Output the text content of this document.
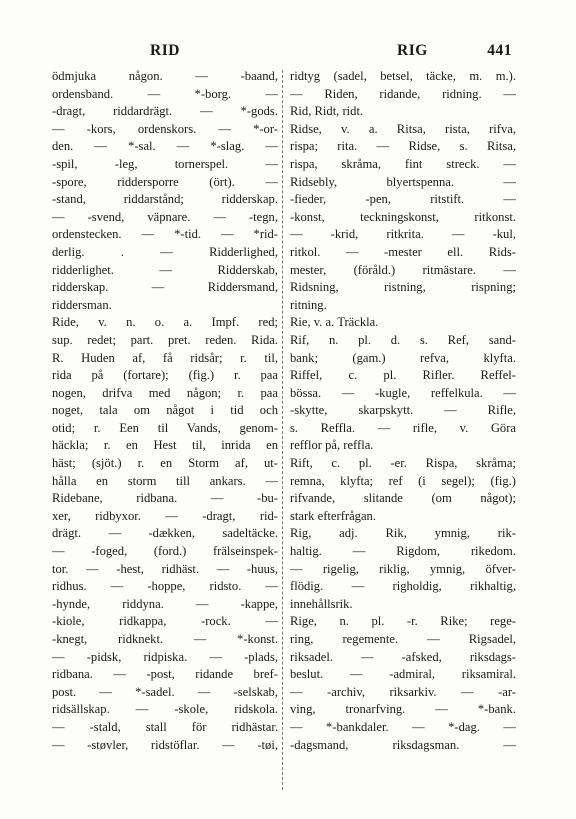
RID	RIG	441
ödmjuka någon. — -baand,
ordensband. — *-borg. —
-dragt, riddardrägt. — *-gods.
— -kors, ordenskors. — *-or-
den. — *-sal. — *-slag. —
-spil, -leg, tornerspel. —
-spore, riddersporre (ört). —
-stand, riddarstånd; ridderskap.
— -svend, väpnare. — -tegn,
ordenstecken. — *-tid. — *rid-
derlig. . — Ridderlighed,
ridderlighet. — Ridderskab,
ridderskap. — Riddersmand,
riddersman.
Ride, v. n. o. a. Impf. red;
sup. redet; part. pret. reden. Rida.
R. Huden af, få ridsår; r. til,
rida på (fortare); (fig.) r. paa
nogen, drifva med någon; r. paa
noget, tala om något i tid och
otid; r. Een til Vands, genom-
häckla; r. en Hest til, inrida en
häst; (sjöt.) r. en Storm af, ut-
hålla en storm till ankars. —
Ridebane, ridbana. — -bu-
xer, ridbyxor. — -dragt, rid-
drägt. — -dækken, sadeltäcke.
— -foged, (ford.) frälseinspek-
tor. — -hest, ridhäst. — -huus,
ridhus. — -hoppe, ridsto. —
-hynde, riddyna. — -kappe,
-kiole, ridkappa, -rock. —
-knegt, ridknekt. — *-konst.
— -pidsk, ridpiska. — -plads,
ridbana. — -post, ridande bref-
post. — *-sadel. — -selskab,
ridsällskap. — -skole, ridskola.
— -stald, stall för ridhästar.
— -støvler, ridstöflar. — -tøi,
ridtyg (sadel, betsel, täcke, m. m.).
— Riden, ridande, ridning. —
Rid, Ridt, ridt.
Ridse, v. a. Ritsa, rista, rifva,
rispa; rita. — Ridse, s. Ritsa,
rispa, skråma, fint streck. —
Ridsebly, blyertspenna. —
-fieder, -pen, ritstift. —
-konst, teckningskonst, ritkonst.
— -krid, ritkrita. — -kul,
ritkol. — -mester ell. Rids-
mester, (föråld.) ritmästare. —
Ridsning, ristning, rispning;
ritning.
Rie, v. a. Träckla.
Rif, n. pl. d. s. Ref, sand-
bank; (gam.) refva, klyfta.
Riffel, c. pl. Rifler. Reffel-
bössa. — -kugle, reffelkula. —
-skytte, skarpskytt. — Rifle,
s. Reffla. — rifle, v. Göra
refflor på, reffla.
Rift, c. pl. -er. Rispa, skråma;
remna, klyfta; ref (i segel); (fig.)
rifvande, slitande (om något);
stark efterfrågan.
Rig, adj. Rik, ymnig, rik-
haltig. — Rigdom, rikedom.
— rigelig, riklig, ymnig, öfver-
flödig. — righoldig, rikhaltig,
innehållsrik.
Rige, n. pl. -r. Rike; rege-
ring, regemente. — Rigsadel,
riksadel. — -afsked, riksdags-
beslut. — -admiral, riksamiral.
— -archiv, riksarkiv. — -ar-
ving, tronarfving. — *-bank.
— *-bankdaler. — *-dag. —
-dagsmand, riksdagsman. —
